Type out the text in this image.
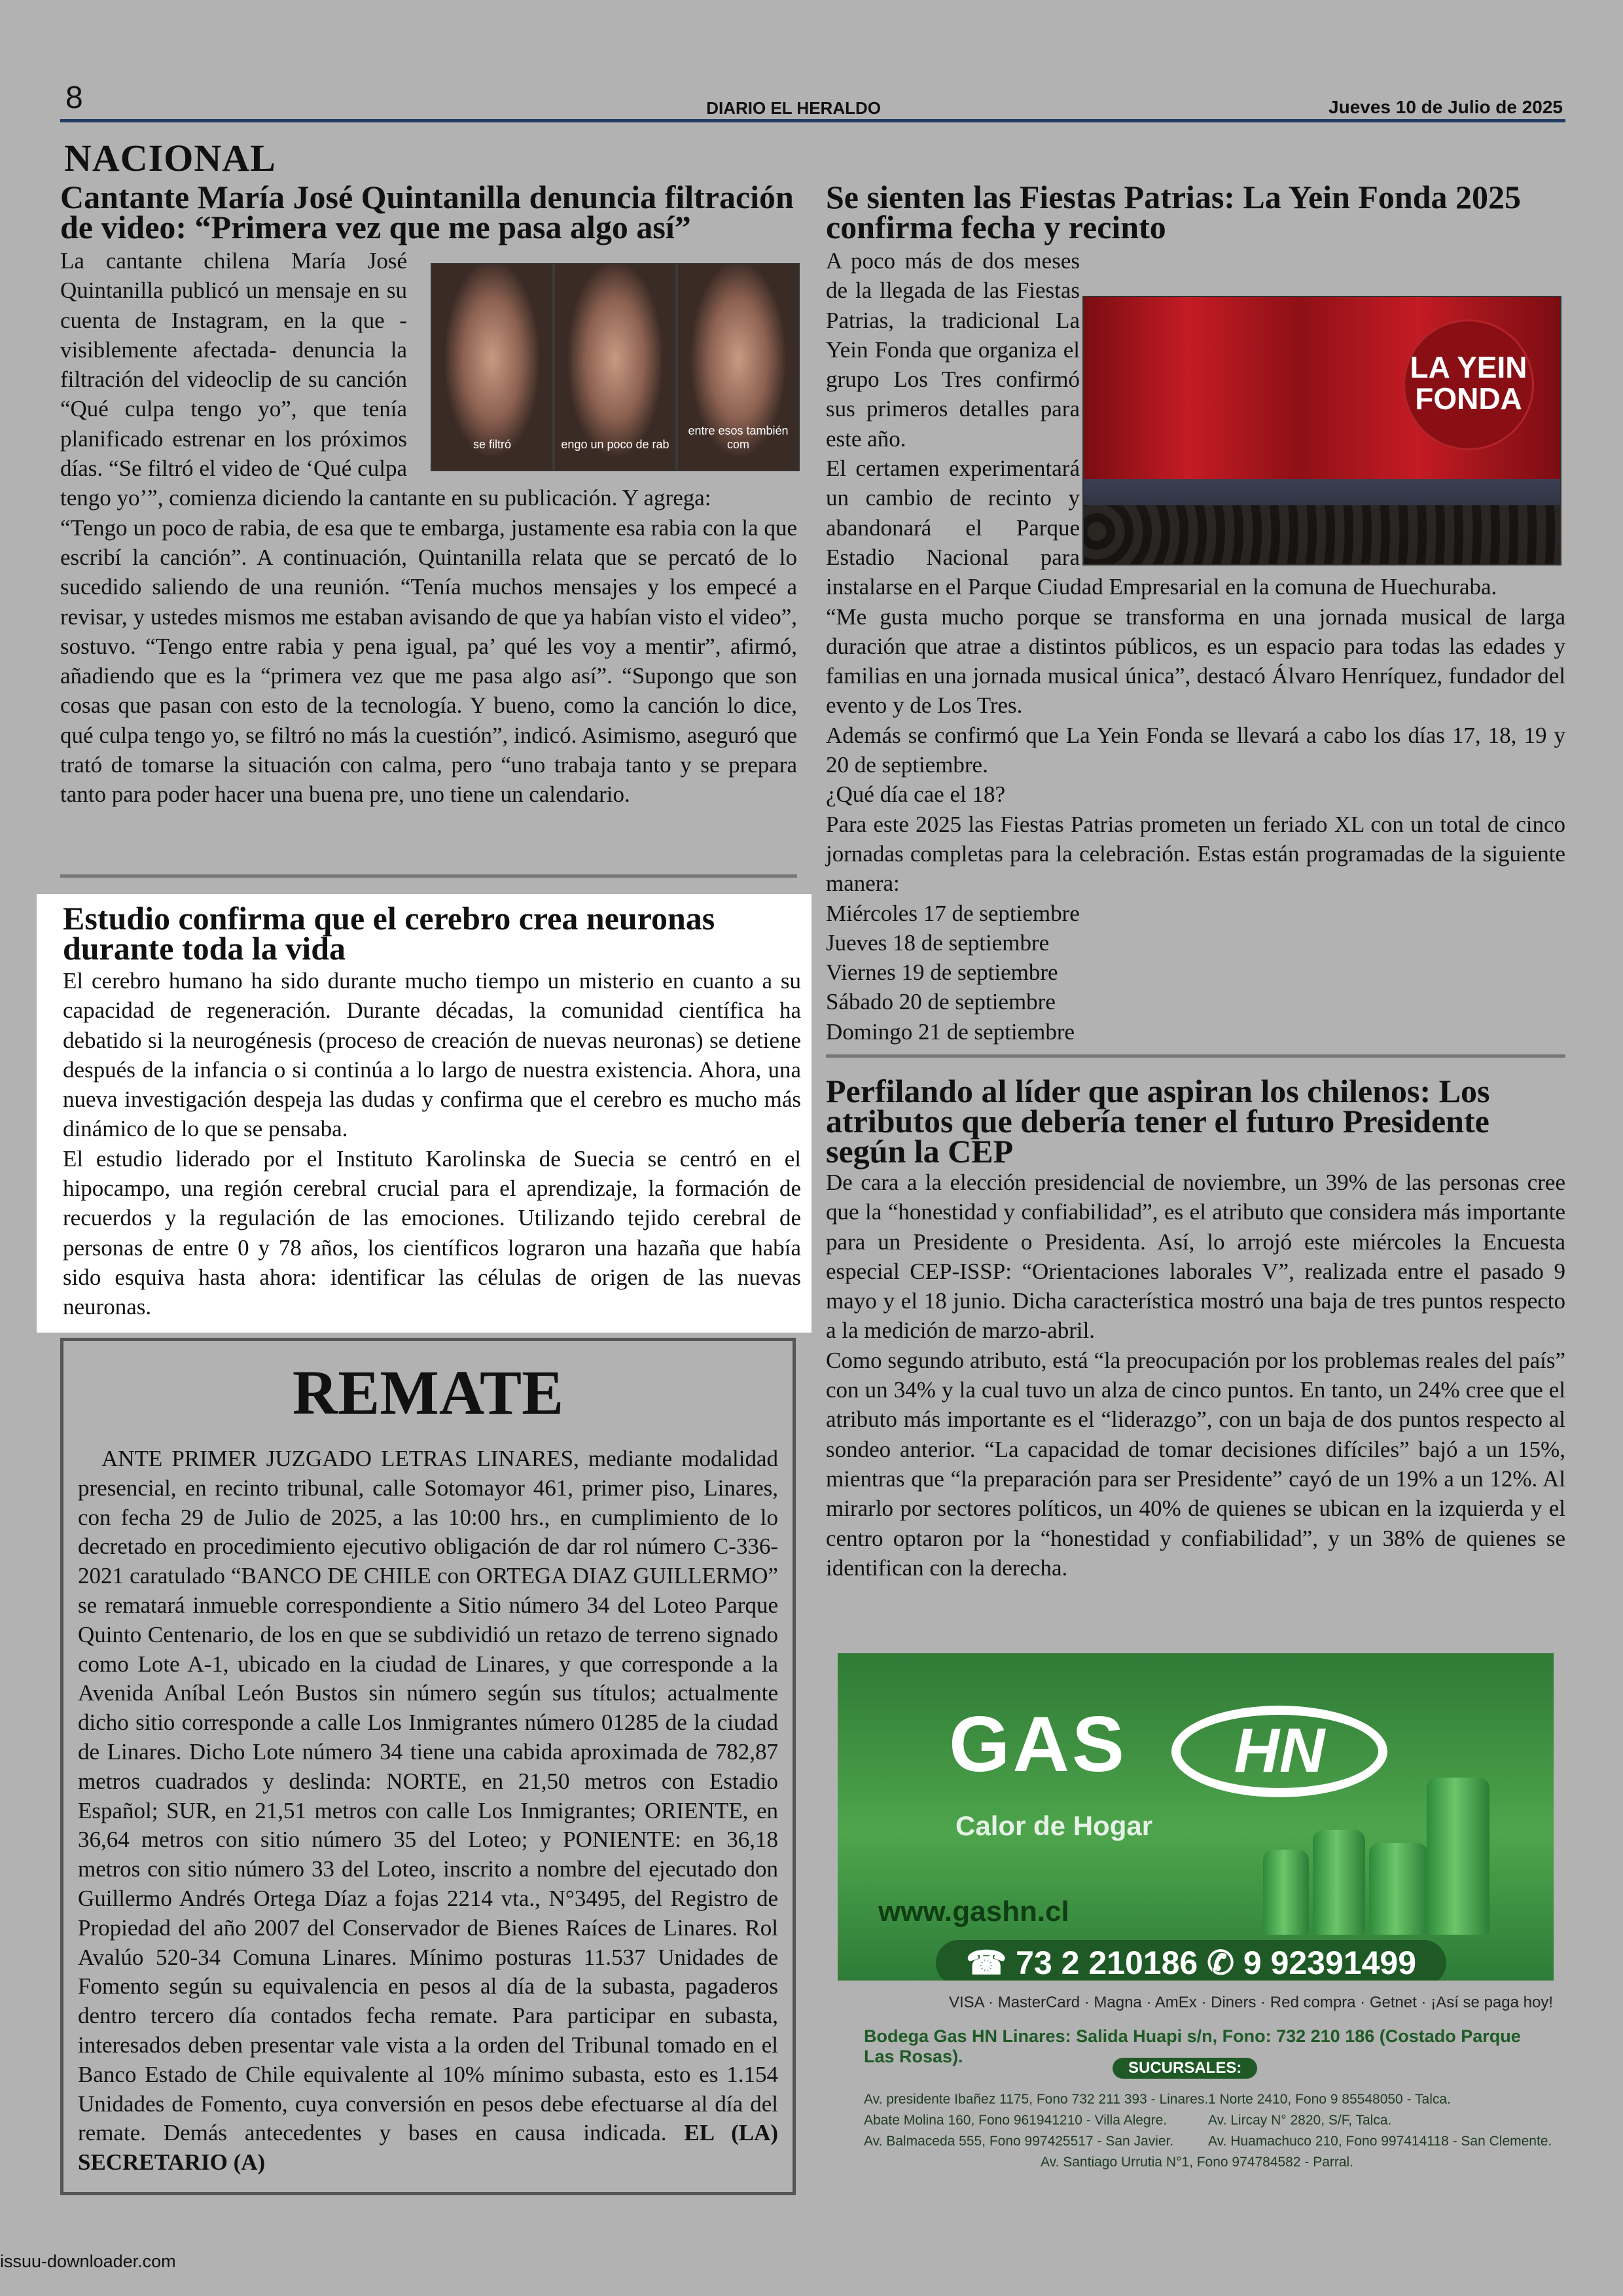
8	DIARIO EL HERALDO	Jueves 10 de Julio de 2025
NACIONAL
Cantante María José Quintanilla denuncia filtración de video: “Primera vez que me pasa algo así”
se filtró	engo un poco de rab
entre esos también com

La cantante chilena María José Quintanilla publicó un mensaje en su cuenta de Instagram, en la que -visiblemente afectada- denuncia la filtración del videoclip de su canción “Qué culpa tengo yo”, que tenía planificado estrenar en los próximos días. “Se filtró el video de ‘Qué culpa tengo yo’”, comienza diciendo la cantante en su publicación. Y agrega:

“Tengo un poco de rabia, de esa que te embarga, justamente esa rabia con la que escribí la canción”. A continuación, Quintanilla relata que se percató de lo sucedido saliendo de una reunión. “Tenía muchos mensajes y los empecé a revisar, y ustedes mismos me estaban avisando de que ya habían visto el video”, sostuvo. “Tengo entre rabia y pena igual, pa’ qué les voy a mentir”, afirmó, añadiendo que es la “primera vez que me pasa algo así”. “Supongo que son cosas que pasan con esto de la tecnología. Y bueno, como la canción lo dice, qué culpa tengo yo, se filtró no más la cuestión”, indicó. Asimismo, aseguró que trató de tomarse la situación con calma, pero “uno trabaja tanto y se prepara tanto para poder hacer una buena pre, uno tiene un calendario.

Estudio confirma que el cerebro crea neuronas durante toda la vida

El cerebro humano ha sido durante mucho tiempo un misterio en cuanto a su capacidad de regeneración. Durante décadas, la comunidad científica ha debatido si la neurogénesis (proceso de creación de nuevas neuronas) se detiene después de la infancia o si continúa a lo largo de nuestra existencia. Ahora, una nueva investigación despeja las dudas y confirma que el cerebro es mucho más dinámico de lo que se pensaba.

El estudio liderado por el Instituto Karolinska de Suecia se centró en el hipocampo, una región cerebral crucial para el aprendizaje, la formación de recuerdos y la regulación de las emociones. Utilizando tejido cerebral de personas de entre 0 y 78 años, los científicos lograron una hazaña que había sido esquiva hasta ahora: identificar las células de origen de las nuevas neuronas.

REMATE

ANTE PRIMER JUZGADO LETRAS LINARES, mediante modalidad presencial, en recinto tribunal, calle Sotomayor 461, primer piso, Linares, con fecha 29 de Julio de 2025, a las 10:00 hrs., en cumplimiento de lo decretado en procedimiento ejecutivo obligación de dar rol número C-336-2021 caratulado “BANCO DE CHILE con ORTEGA DIAZ GUILLERMO” se rematará inmueble correspondiente a Sitio número 34 del Loteo Parque Quinto Centenario, de los en que se subdividió un retazo de terreno signado como Lote A-1, ubicado en la ciudad de Linares, y que corresponde a la Avenida Aníbal León Bustos sin número según sus títulos; actualmente dicho sitio corresponde a calle Los Inmigrantes número 01285 de la ciudad de Linares. Dicho Lote número 34 tiene una cabida aproximada de 782,87 metros cuadrados y deslinda: NORTE, en 21,50 metros con Estadio Español; SUR, en 21,51 metros con calle Los Inmigrantes; ORIENTE, en 36,64 metros con sitio número 35 del Loteo; y PONIENTE: en 36,18 metros con sitio número 33 del Loteo, inscrito a nombre del ejecutado don Guillermo Andrés Ortega Díaz a fojas 2214 vta., N°3495, del Registro de Propiedad del año 2007 del Conservador de Bienes Raíces de Linares. Rol Avalúo 520-34 Comuna Linares. Mínimo posturas 11.537 Unidades de Fomento según su equivalencia en pesos al día de la subasta, pagaderos dentro tercero día contados fecha remate. Para participar en subasta, interesados deben presentar vale vista a la orden del Tribunal tomado en el Banco Estado de Chile equivalente al 10% mínimo subasta, esto es 1.154 Unidades de Fomento, cuya conversión en pesos debe efectuarse al día del remate. Demás antecedentes y bases en causa indicada. EL (LA) SECRETARIO (A)

Se sienten las Fiestas Patrias: La Yein Fonda 2025 confirma fecha y recinto
LA YEIN FONDA

A poco más de dos meses de la llegada de las Fiestas Patrias, la tradicional La Yein Fonda que organiza el grupo Los Tres confirmó sus primeros detalles para este año.

El certamen experimentará un cambio de recinto y abandonará el Parque Estadio Nacional para instalarse en el Parque Ciudad Empresarial en la comuna de Huechuraba.

“Me gusta mucho porque se transforma en una jornada musical de larga duración que atrae a distintos públicos, es un espacio para todas las edades y familias en una jornada musical única”, destacó Álvaro Henríquez, fundador del evento y de Los Tres.

Además se confirmó que La Yein Fonda se llevará a cabo los días 17, 18, 19 y 20 de septiembre.

¿Qué día cae el 18?

Para este 2025 las Fiestas Patrias prometen un feriado XL con un total de cinco jornadas completas para la celebración. Estas están programadas de la siguiente manera:

Miércoles 17 de septiembre

Jueves 18 de septiembre

Viernes 19 de septiembre

Sábado 20 de septiembre

Domingo 21 de septiembre

Perfilando al líder que aspiran los chilenos: Los atributos que debería tener el futuro Presidente según la CEP

De cara a la elección presidencial de noviembre, un 39% de las personas cree que la “honestidad y confiabilidad”, es el atributo que considera más importante para un Presidente o Presidenta. Así, lo arrojó este miércoles la Encuesta especial CEP-ISSP: “Orientaciones laborales V”, realizada entre el pasado 9 mayo y el 18 junio. Dicha característica mostró una baja de tres puntos respecto a la medición de marzo-abril.

Como segundo atributo, está “la preocupación por los problemas reales del país” con un 34% y la cual tuvo un alza de cinco puntos. En tanto, un 24% cree que el atributo más importante es el “liderazgo”, con un baja de dos puntos respecto al sondeo anterior. “La capacidad de tomar decisiones difíciles” bajó a un 15%, mientras que “la preparación para ser Presidente” cayó de un 19% a un 12%. Al mirarlo por sectores políticos, un 40% de quienes se ubican en la izquierda y el centro optaron por la “honestidad y confiabilidad”, y un 38% de quienes se identifican con la derecha.

GAS	HN
Calor de Hogar
www.gashn.cl
☎ 73 2 210186 ✆ 9 92391499
VISA · MasterCard · Magna · AmEx · Diners · Red compra · Getnet · ¡Así se paga hoy!
Bodega Gas HN Linares: Salida Huapi s/n, Fono: 732 210 186 (Costado Parque Las Rosas).
SUCURSALES:
Av. presidente Ibañez 1175, Fono 732 211 393 - Linares.
Abate Molina 160, Fono 961941210 - Villa Alegre.
Av. Balmaceda 555, Fono 997425517 - San Javier.
1 Norte 2410, Fono 9 85548050 - Talca.
Av. Lircay N° 2820, S/F, Talca.
Av. Huamachuco 210, Fono 997414118 - San Clemente.
Av. Santiago Urrutia N°1, Fono 974784582 - Parral.
issuu-downloader.com
